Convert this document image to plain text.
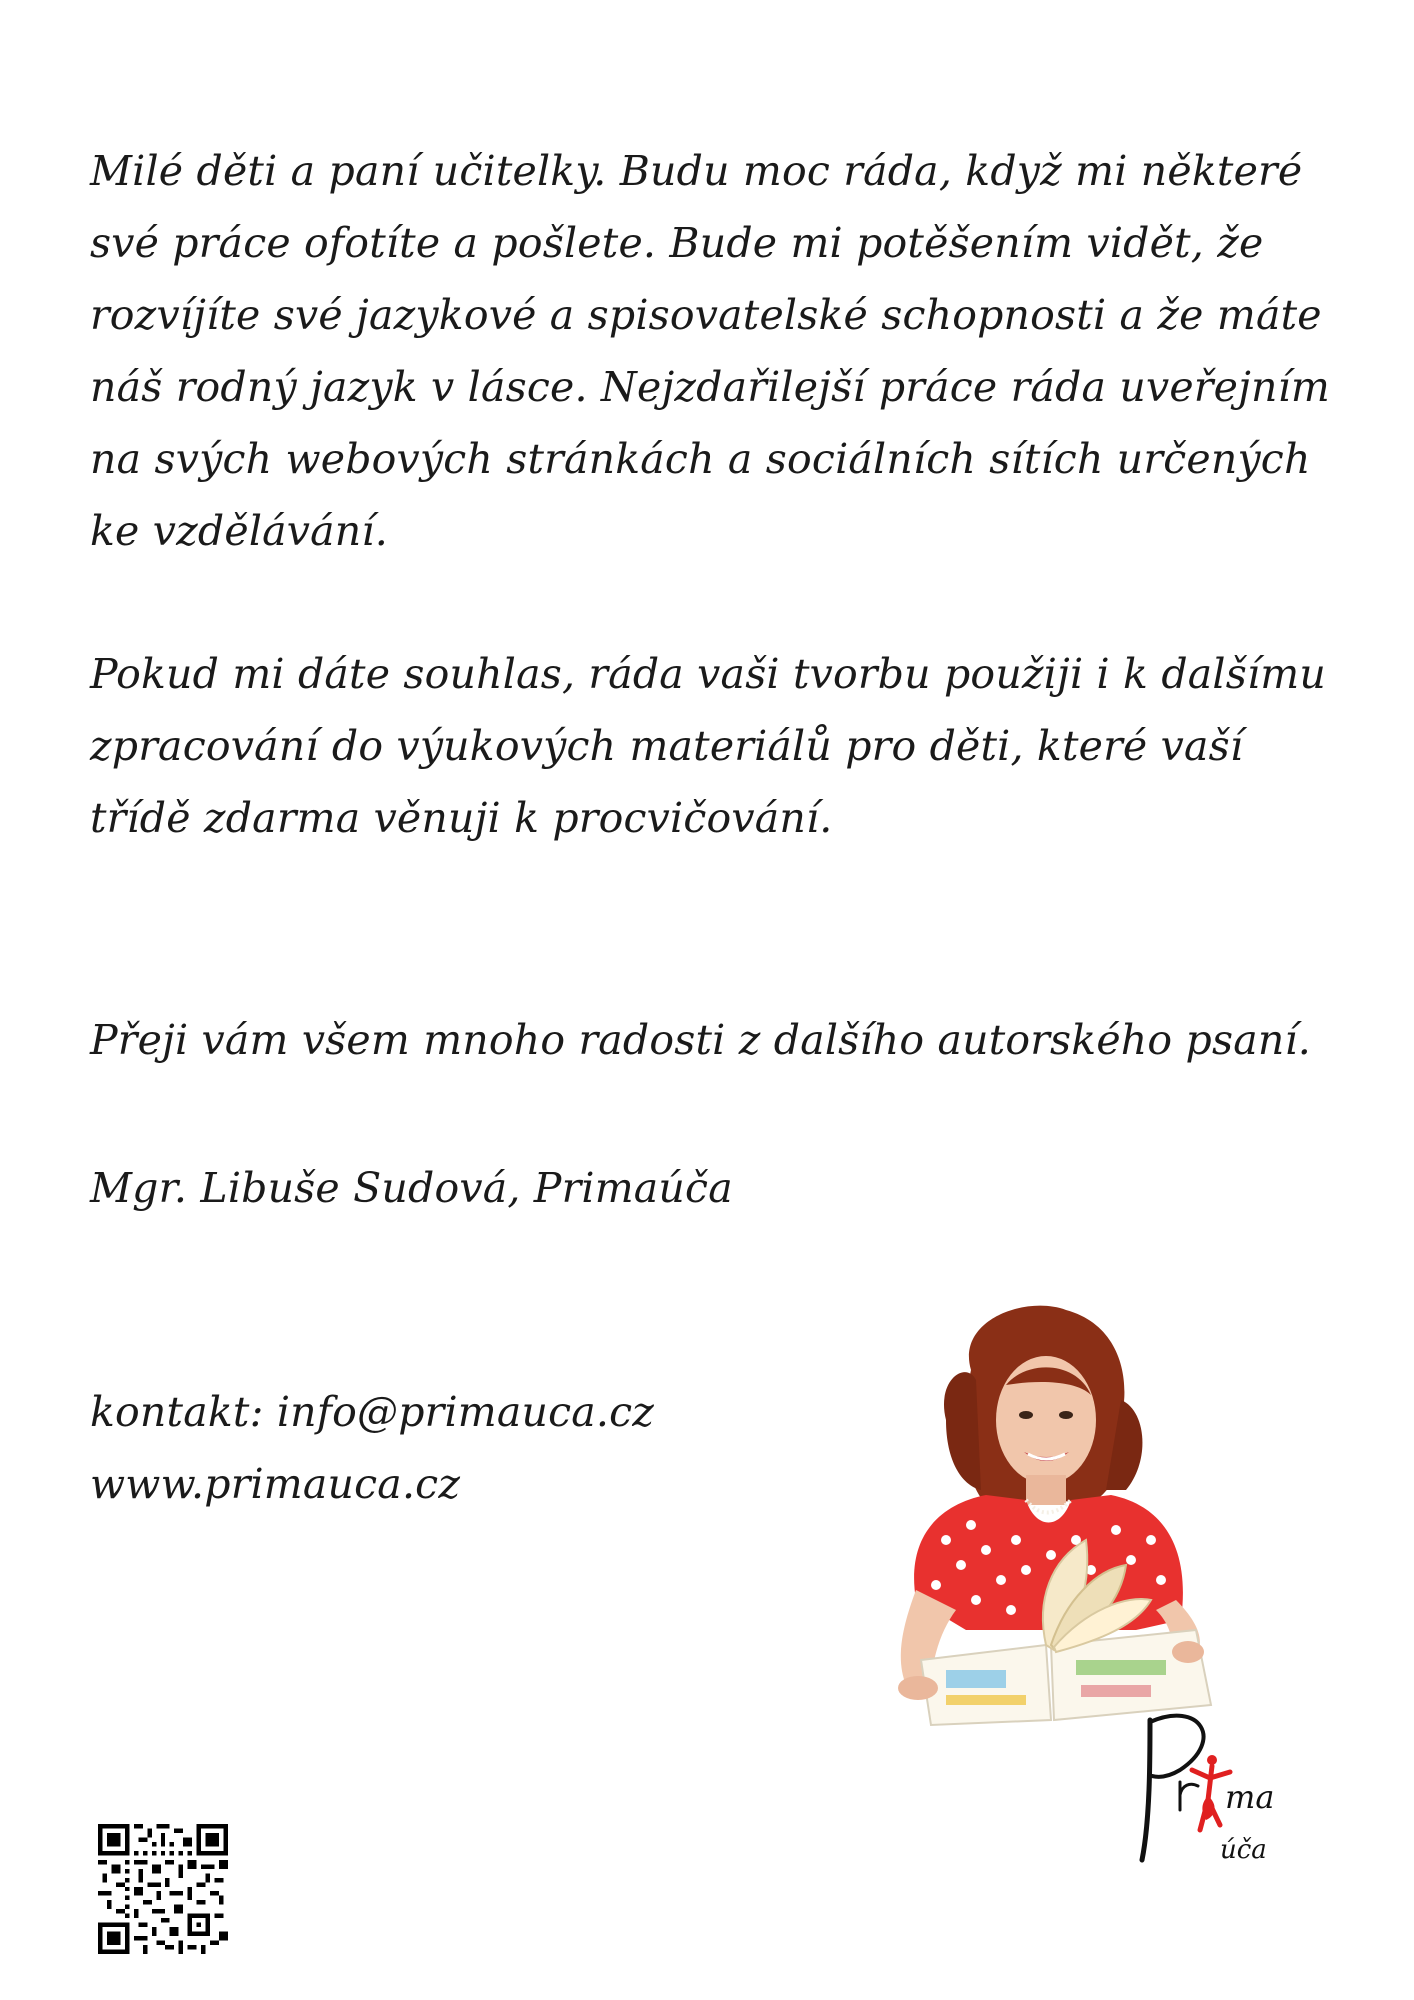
Milé děti a paní učitelky. Budu moc ráda, když mi některé své práce ofotíte a pošlete. Bude mi potěšením vidět, že rozvíjíte své jazykové a spisovatelské schopnosti a že máte náš rodný jazyk v lásce. Nejzdařilejší práce ráda uveřejním na svých webových stránkách a sociálních sítích určených ke vzdělávání.

Pokud mi dáte souhlas, ráda vaši tvorbu použiji i k dalšímu zpracování do výukových materiálů pro děti, které vaší třídě zdarma věnuji k procvičování.

Přeji vám všem mnoho radosti z dalšího autorského psaní.

Mgr. Libuše Sudová, Primaúča

kontakt: info@primauca.cz
www.primauca.cz
ma
úča
Pr
